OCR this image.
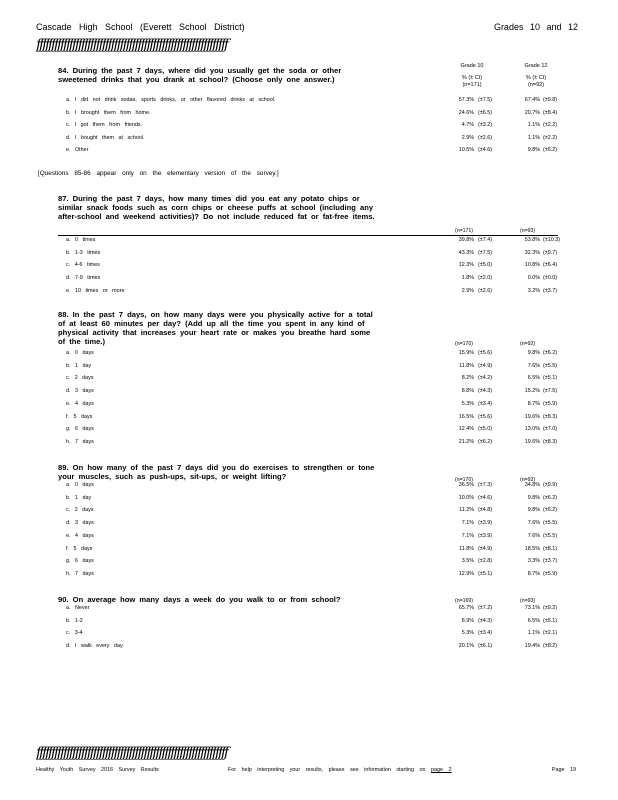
Cascade High School (Everett School District)	Grades 10 and 12
ƒƒƒƒƒƒƒƒƒƒƒƒƒƒƒƒƒƒƒƒƒƒƒƒƒƒƒƒƒƒƒƒƒƒƒƒƒƒƒƒƒƒƒƒƒƒƒƒƒƒƒƒƒƒƒƒƒƒƒƒƒƒƒƒ
Grade 10
% (± CI)
(n=171)
Grade 12
% (± CI)
(n=92)
84. During the past 7 days, where did you usually get the soda or other sweetened drinks that you drank at school? (Choose only one answer.)
a. I did not drink sodas, sports drinks, or other flavored drinks at school.	57.3% (±7.5)	67.4% (±9.8)
b. I brought them from home.	24.6% (±6.5)	20.7% (±8.4)
c. I got them from friends.	4.7% (±3.2)	1.1% (±2.2)
d. I bought them at school.	2.9% (±2.6)	1.1% (±2.2)
e. Other	10.5% (±4.6)	9.8% (±6.2)
[Questions 85-86 appear only on the elementary version of the survey.]
87. During the past 7 days, how many times did you eat any potato chips or similar snack foods such as corn chips or cheese puffs at school (including any after-school and weekend activities)? Do not include reduced fat or fat-free items.
(n=171)	(n=93)
a. 0 times	39.8% (±7.4)	53.8% (±10.3)
b. 1-3 times	43.3% (±7.5)	32.3% (±9.7)
c. 4-6 times	12.3% (±5.0)	10.8% (±6.4)
d. 7-9 times	1.8% (±2.0)	0.0% (±0.0)
e. 10 times or more	2.9% (±2.6)	3.2% (±3.7)
88. In the past 7 days, on how many days were you physically active for a total of at least 60 minutes per day? (Add up all the time you spent in any kind of physical activity that increases your heart rate or makes you breathe hard some of the time.)	(n=170)	(n=92)
a. 0 days	15.9% (±5.6)	9.8% (±6.2)
b. 1 day	11.8% (±4.9)	7.6% (±5.5)
c. 2 days	8.2% (±4.2)	6.5% (±5.1)
d. 3 days	8.8% (±4.3)	15.2% (±7.5)
e. 4 days	5.3% (±3.4)	8.7% (±5.9)
f. 5 days	16.5% (±5.6)	19.6% (±8.3)
g. 6 days	12.4% (±5.0)	13.0% (±7.0)
h. 7 days	21.2% (±6.2)	19.6% (±8.3)
89. On how many of the past 7 days did you do exercises to strengthen or tone your muscles, such as push-ups, sit-ups, or weight lifting?	(n=170)	(n=92)
a. 0 days	36.5% (±7.3)	34.8% (±9.9)
b. 1 day	10.0% (±4.6)	9.8% (±6.2)
c. 2 days	11.2% (±4.8)	9.8% (±6.2)
d. 3 days	7.1% (±3.9)	7.6% (±5.5)
e. 4 days	7.1% (±3.9)	7.6% (±5.5)
f. 5 days	11.8% (±4.9)	18.5% (±8.1)
g. 6 days	3.5% (±2.8)	3.3% (±3.7)
h. 7 days	12.9% (±5.1)	8.7% (±5.9)
90. On average how many days a week do you walk to or from school?	(n=169)	(n=93)
a. Never	65.7% (±7.2)	73.1% (±9.2)
b. 1-2	8.9% (±4.3)	6.5% (±5.1)
c. 3-4	5.3% (±3.4)	1.1% (±2.1)
d. I walk every day.	20.1% (±6.1)	19.4% (±8.2)
ƒƒƒƒƒƒƒƒƒƒƒƒƒƒƒƒƒƒƒƒƒƒƒƒƒƒƒƒƒƒƒƒƒƒƒƒƒƒƒƒƒƒƒƒƒƒƒƒƒƒƒƒƒƒƒƒƒƒƒƒƒƒƒƒ
Healthy Youth Survey 2016 Survey Results	For help interpreting your results, please see information starting on page 2	Page 19
